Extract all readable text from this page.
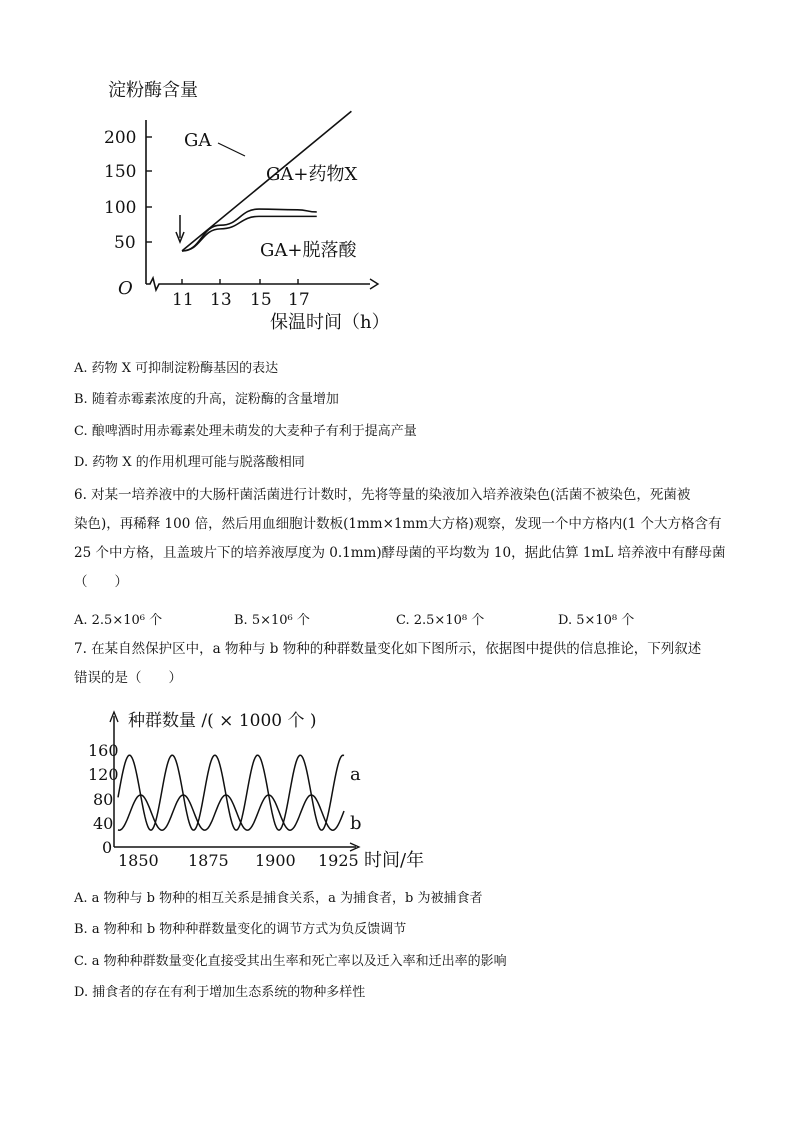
淀粉酶含量
200
150
100
50
O
11 13 15 17
保温时间（h）
GA
GA+药物X
GA+脱落酸
A. 药物 X 可抑制淀粉酶基因的表达
B. 随着赤霉素浓度的升高，淀粉酶的含量增加
C. 酿啤酒时用赤霉素处理未萌发的大麦种子有利于提高产量
D. 药物 X 的作用机理可能与脱落酸相同
6. 对某一培养液中的大肠杆菌活菌进行计数时，先将等量的染液加入培养液染色(活菌不被染色，死菌被
染色)，再稀释 100 倍，然后用血细胞计数板(1mm×1mm大方格)观察，发现一个中方格内(1 个大方格含有
25 个中方格，且盖玻片下的培养液厚度为 0.1mm)酵母菌的平均数为 10，据此估算 1mL 培养液中有酵母菌
（　　）
A. 2.5×10⁶ 个	B. 5×10⁶ 个	C. 2.5×10⁸ 个	D. 5×10⁸ 个
7. 在某自然保护区中，a 物种与 b 物种的种群数量变化如下图所示，依据图中提供的信息推论，下列叙述
错误的是（　　）
种群数量 /( × 1000 个 )
160
120
80
40
0
1850 1875 1900 1925 时间/年
a
b
A. a 物种与 b 物种的相互关系是捕食关系，a 为捕食者，b 为被捕食者
B. a 物种和 b 物种种群数量变化的调节方式为负反馈调节
C. a 物种种群数量变化直接受其出生率和死亡率以及迁入率和迁出率的影响
D. 捕食者的存在有利于增加生态系统的物种多样性
